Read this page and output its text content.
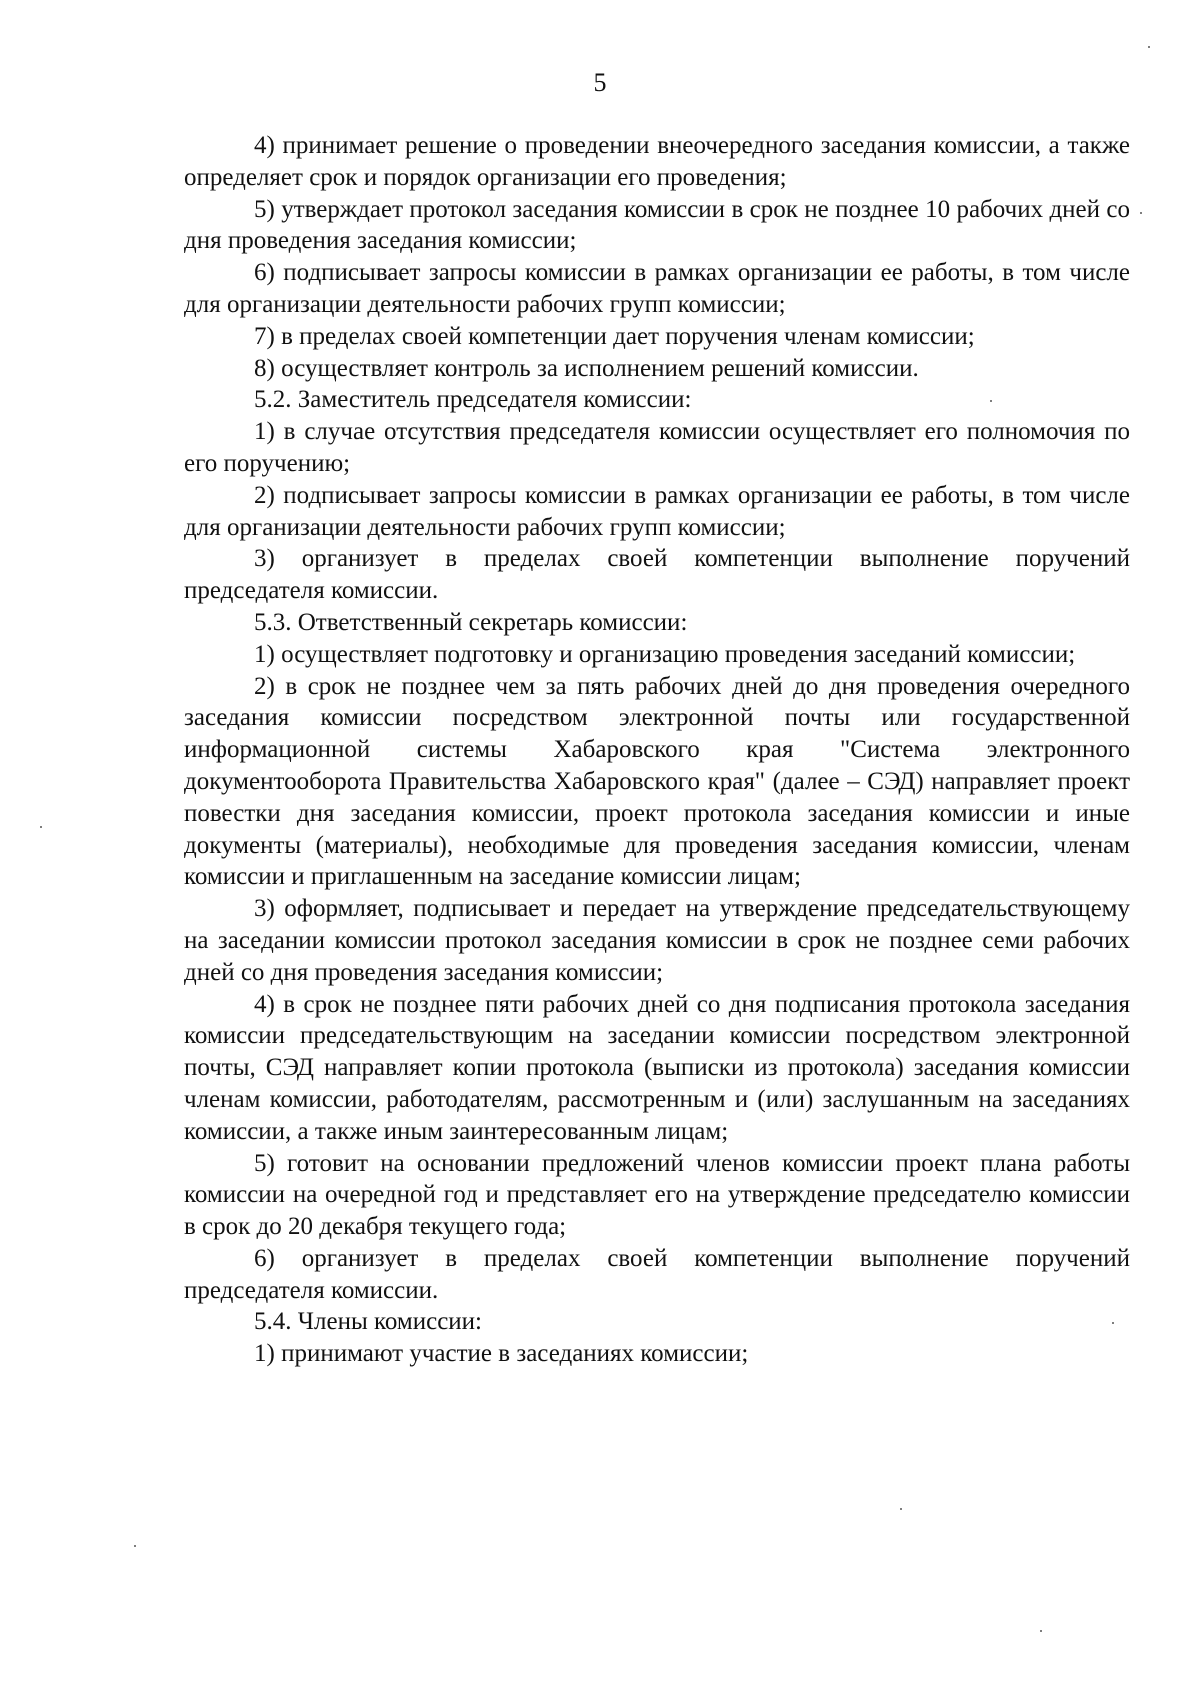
5

4) принимает решение о проведении внеочередного заседания комиссии, а также определяет срок и порядок организации его проведения;

5) утверждает протокол заседания комиссии в срок не позднее 10 рабочих дней со дня проведения заседания комиссии;

6) подписывает запросы комиссии в рамках организации ее работы, в том числе для организации деятельности рабочих групп комиссии;

7) в пределах своей компетенции дает поручения членам комиссии;

8) осуществляет контроль за исполнением решений комиссии.

5.2. Заместитель председателя комиссии:

1) в случае отсутствия председателя комиссии осуществляет его полномочия по его поручению;

2) подписывает запросы комиссии в рамках организации ее работы, в том числе для организации деятельности рабочих групп комиссии;

3) организует в пределах своей компетенции выполнение поручений председателя комиссии.

5.3. Ответственный секретарь комиссии:

1) осуществляет подготовку и организацию проведения заседаний комиссии;

2) в срок не позднее чем за пять рабочих дней до дня проведения очередного заседания комиссии посредством электронной почты или государственной информационной системы Хабаровского края "Система электронного документооборота Правительства Хабаровского края" (далее – СЭД) направляет проект повестки дня заседания комиссии, проект протокола заседания комиссии и иные документы (материалы), необходимые для проведения заседания комиссии, членам комиссии и приглашенным на заседание комиссии лицам;

3) оформляет, подписывает и передает на утверждение председательствующему на заседании комиссии протокол заседания комиссии в срок не позднее семи рабочих дней со дня проведения заседания комиссии;

4) в срок не позднее пяти рабочих дней со дня подписания протокола заседания комиссии председательствующим на заседании комиссии посредством электронной почты, СЭД направляет копии протокола (выписки из протокола) заседания комиссии членам комиссии, работодателям, рассмотренным и (или) заслушанным на заседаниях комиссии, а также иным заинтересованным лицам;

5) готовит на основании предложений членов комиссии проект плана работы комиссии на очередной год и представляет его на утверждение председателю комиссии в срок до 20 декабря текущего года;

6) организует в пределах своей компетенции выполнение поручений председателя комиссии.

5.4. Члены комиссии:

1) принимают участие в заседаниях комиссии;
